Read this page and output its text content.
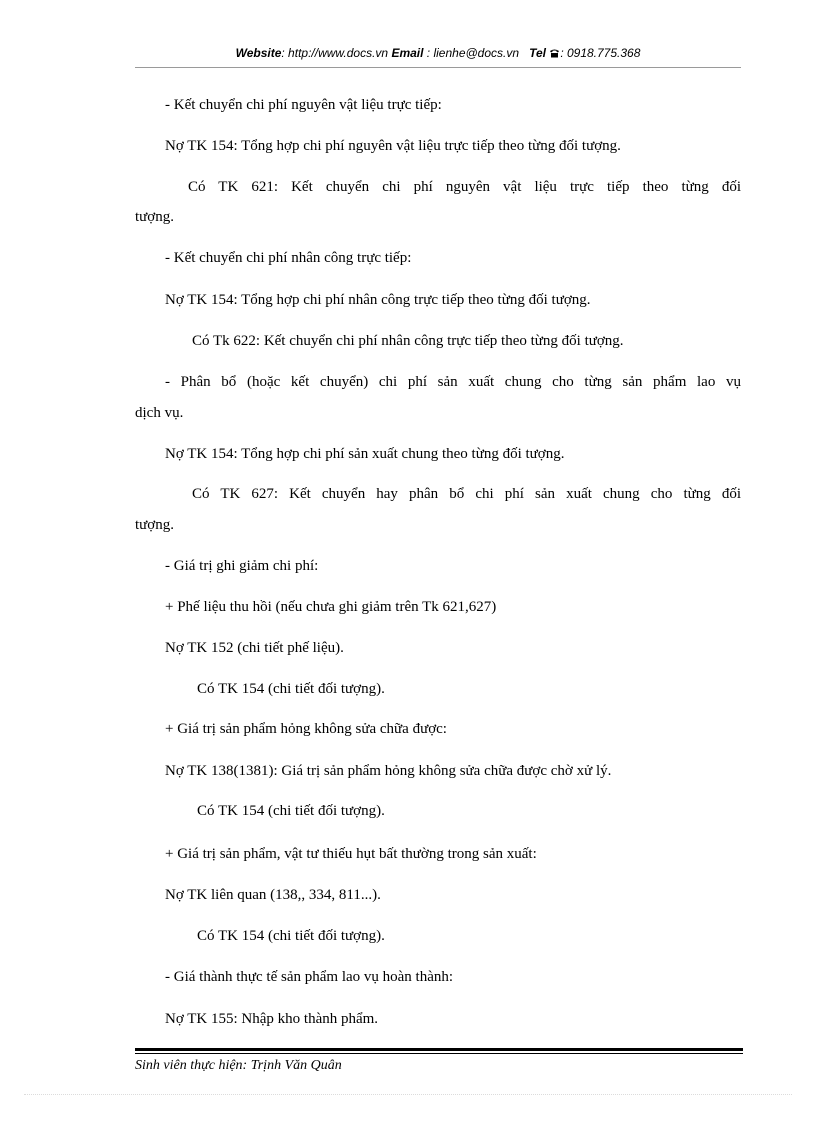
Website: http://www.docs.vn Email : lienhe@docs.vn Tel : 0918.775.368
- Kết chuyển chi phí nguyên vật liệu trực tiếp:
Nợ TK 154: Tổng hợp chi phí nguyên vật liệu trực tiếp theo từng đối tượng.
Có TK 621: Kết chuyển chi phí nguyên vật liệu trực tiếp theo từng đối
tượng.
- Kết chuyển chi phí nhân công trực tiếp:
Nợ TK 154: Tổng hợp chi phí nhân công trực tiếp theo từng đối tượng.
Có Tk 622: Kết chuyển chi phí nhân công trực tiếp theo từng đối tượng.
- Phân bổ (hoặc kết chuyển) chi phí sản xuất chung cho từng sản phẩm lao vụ
dịch vụ.
Nợ TK 154: Tổng hợp chi phí sản xuất chung theo từng đối tượng.
Có TK 627: Kết chuyển hay phân bổ chi phí sản xuất chung cho từng đối
tượng.
- Giá trị ghi giảm chi phí:
+ Phế liệu thu hồi (nếu chưa ghi giảm trên Tk 621,627)
Nợ TK 152 (chi tiết phế liệu).
Có TK 154 (chi tiết đối tượng).
+ Giá trị sản phẩm hỏng không sửa chữa được:
Nợ TK 138(1381): Giá trị sản phẩm hỏng không sửa chữa được chờ xử lý.
Có TK 154 (chi tiết đối tượng).
+ Giá trị sản phẩm, vật tư thiếu hụt bất thường trong sản xuất:
Nợ TK liên quan (138,, 334, 811...).
Có TK 154 (chi tiết đối tượng).
- Giá thành thực tế sản phẩm lao vụ hoàn thành:
Nợ TK 155: Nhập kho thành phẩm.
Sinh viên thực hiện: Trịnh Văn Quân
